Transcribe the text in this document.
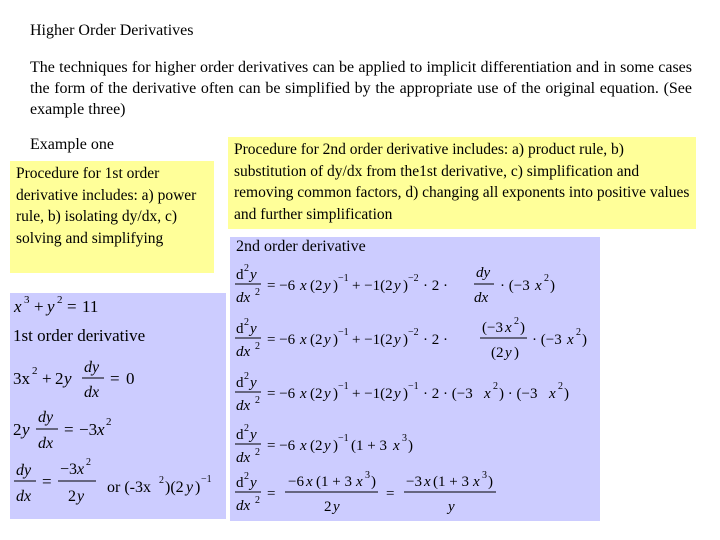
Higher Order Derivatives
The techniques for higher order derivatives can be applied to implicit differentiation and in some cases the form of the derivative often can be simplified by the appropriate use of the original equation. (See example three)
Example one
Procedure for 1st order derivative includes: a) power rule, b) isolating dy/dx, c) solving and simplifying
Procedure for 2nd order derivative includes: a) product rule, b) substitution of dy/dx from the1st derivative, c) simplification and removing common factors, d) changing all exponents into positive values and further simplification
x 3 + y 2 = 11
1st order derivative
3x 2 + 2 y
dy
dx
= 0
2 y
dy
dx
= −3 x 2
dy
dx
=
−3 x 2
2 y
or (-3x 2 )(2 y ) −1
2nd order derivative
d 2 y
dx 2 = −6 x (2 y ) −1 + −1(2 y ) −2 · 2 ·
dy
dx
· (−3 x 2 )
d 2 y
dx 2 = −6 x (2 y ) −1 + −1(2 y ) −2 · 2 ·
(−3 x 2 )
(2 y )
· (−3 x 2 )
d 2 y
dx 2 = −6 x (2 y ) −1 + −1(2 y ) −1 · 2 · (−3 x 2 ) · (−3 x 2 )
d 2 y
dx 2 = −6 x (2 y ) −1 (1 + 3 x 3 )
d 2 y
dx 2 =
−6 x (1 + 3 x 3 )
2 y
=
−3 x (1 + 3 x 3 )
y
